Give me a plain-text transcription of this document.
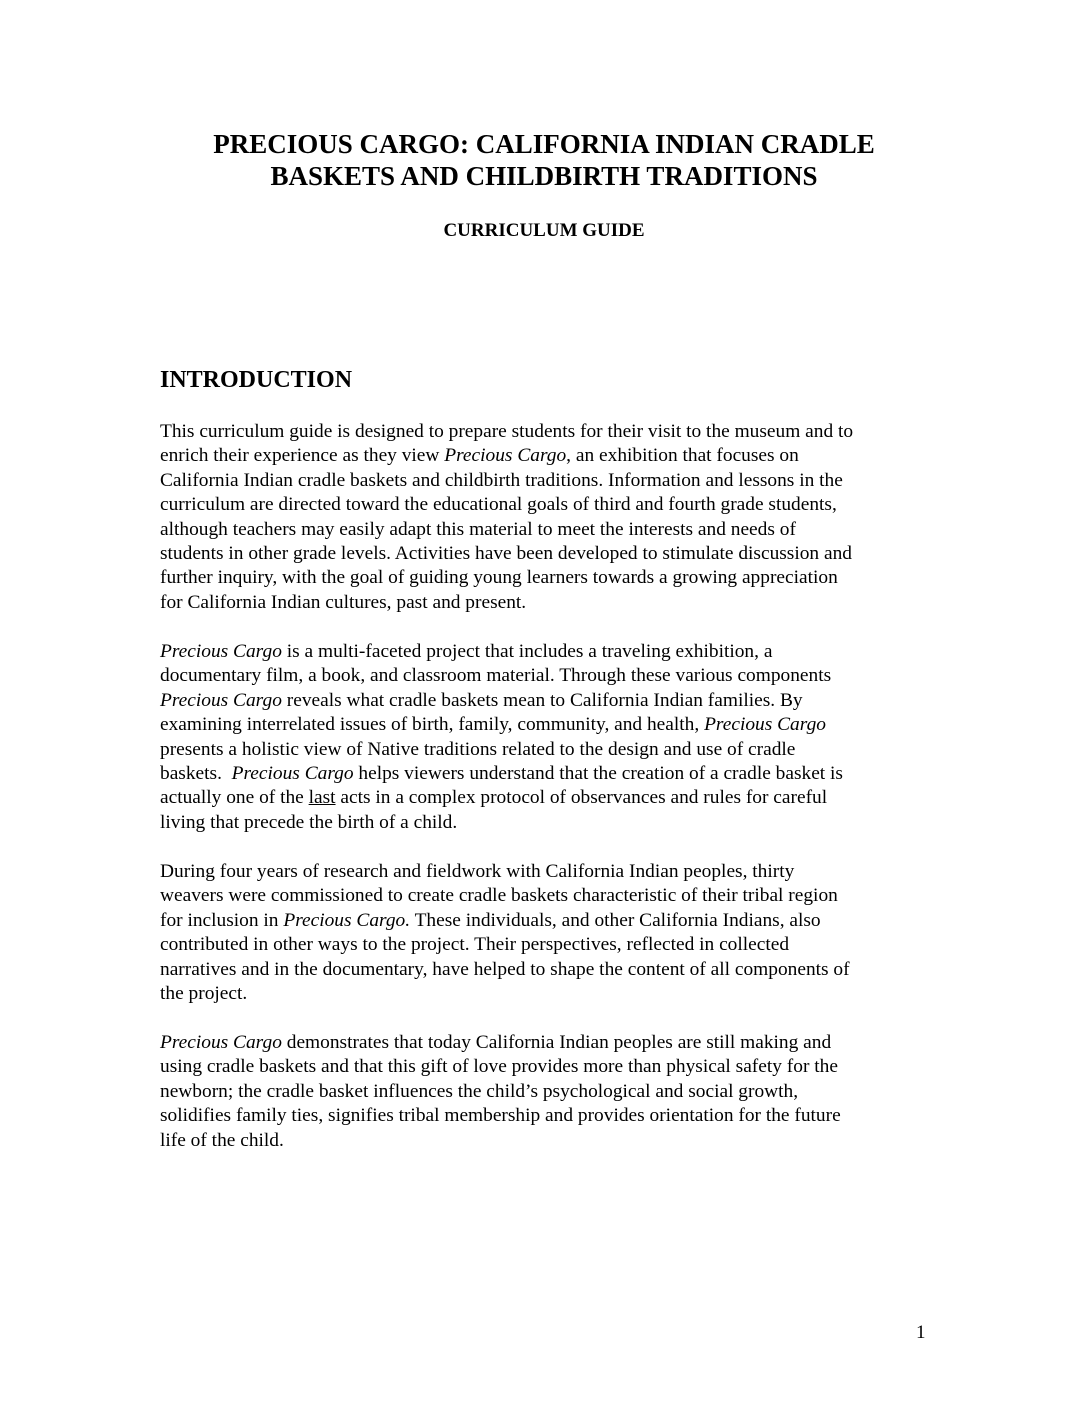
PRECIOUS CARGO: CALIFORNIA INDIAN CRADLE
BASKETS AND CHILDBIRTH TRADITIONS
CURRICULUM GUIDE
INTRODUCTION
This curriculum guide is designed to prepare students for their visit to the museum and to
enrich their experience as they view Precious Cargo, an exhibition that focuses on
California Indian cradle baskets and childbirth traditions. Information and lessons in the
curriculum are directed toward the educational goals of third and fourth grade students,
although teachers may easily adapt this material to meet the interests and needs of
students in other grade levels. Activities have been developed to stimulate discussion and
further inquiry, with the goal of guiding young learners towards a growing appreciation
for California Indian cultures, past and present.
Precious Cargo is a multi-faceted project that includes a traveling exhibition, a
documentary film, a book, and classroom material. Through these various components
Precious Cargo reveals what cradle baskets mean to California Indian families. By
examining interrelated issues of birth, family, community, and health, Precious Cargo
presents a holistic view of Native traditions related to the design and use of cradle
baskets.  Precious Cargo helps viewers understand that the creation of a cradle basket is
actually one of the last acts in a complex protocol of observances and rules for careful
living that precede the birth of a child.
During four years of research and fieldwork with California Indian peoples, thirty
weavers were commissioned to create cradle baskets characteristic of their tribal region
for inclusion in Precious Cargo. These individuals, and other California Indians, also
contributed in other ways to the project. Their perspectives, reflected in collected
narratives and in the documentary, have helped to shape the content of all components of
the project.
Precious Cargo demonstrates that today California Indian peoples are still making and
using cradle baskets and that this gift of love provides more than physical safety for the
newborn; the cradle basket influences the child’s psychological and social growth,
solidifies family ties, signifies tribal membership and provides orientation for the future
life of the child.
1
